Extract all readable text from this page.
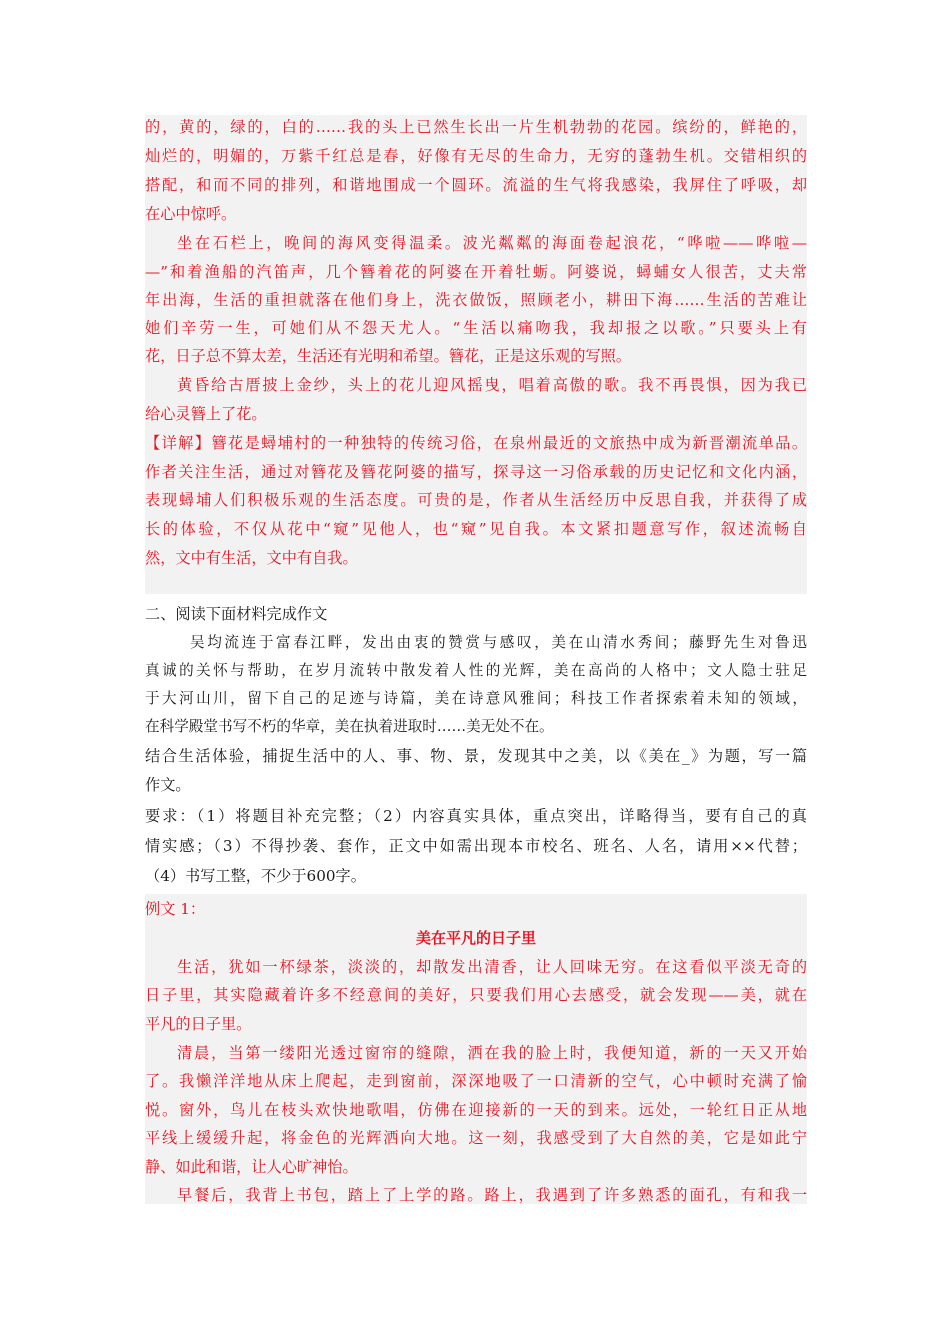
的，黄的，绿的，白的……我的头上已然生长出一片生机勃勃的花园。缤纷的，鲜艳的，
灿烂的，明媚的，万紫千红总是春，好像有无尽的生命力，无穷的蓬勃生机。交错相织的
搭配，和而不同的排列，和谐地围成一个圆环。流溢的生气将我感染，我屏住了呼吸，却
在心中惊呼。
坐在石栏上，晚间的海风变得温柔。波光粼粼的海面卷起浪花，“哗啦——哗啦—
—”和着渔船的汽笛声，几个簪着花的阿婆在开着牡蛎。阿婆说，蟳蜅女人很苦，丈夫常
年出海，生活的重担就落在他们身上，洗衣做饭，照顾老小，耕田下海……生活的苦难让
她们辛劳一生，可她们从不怨天尤人。“生活以痛吻我，我却报之以歌。”只要头上有
花，日子总不算太差，生活还有光明和希望。簪花，正是这乐观的写照。
黄昏给古厝披上金纱，头上的花儿迎风摇曳，唱着高傲的歌。我不再畏惧，因为我已
给心灵簪上了花。
【详解】簪花是蟳埔村的一种独特的传统习俗，在泉州最近的文旅热中成为新晋潮流单品。
作者关注生活，通过对簪花及簪花阿婆的描写，探寻这一习俗承载的历史记忆和文化内涵，
表现蟳埔人们积极乐观的生活态度。可贵的是，作者从生活经历中反思自我，并获得了成
长的体验，不仅从花中“窥”见他人，也“窥”见自我。本文紧扣题意写作，叙述流畅自
然，文中有生活，文中有自我。
二、阅读下面材料完成作文
吴均流连于富春江畔，发出由衷的赞赏与感叹，美在山清水秀间；藤野先生对鲁迅
真诚的关怀与帮助，在岁月流转中散发着人性的光辉，美在高尚的人格中；文人隐士驻足
于大河山川，留下自己的足迹与诗篇，美在诗意风雅间；科技工作者探索着未知的领域，
在科学殿堂书写不朽的华章，美在执着进取时……美无处不在。
结合生活体验，捕捉生活中的人、事、物、景，发现其中之美，以《美在_》为题，写一篇
作文。
要求：（1）将题目补充完整；（2）内容真实具体，重点突出，详略得当，要有自己的真
情实感；（3）不得抄袭、套作，正文中如需出现本市校名、班名、人名，请用××代替；
（4）书写工整，不少于600字。
例文 1：
美在平凡的日子里
生活，犹如一杯绿茶，淡淡的，却散发出清香，让人回味无穷。在这看似平淡无奇的
日子里，其实隐藏着许多不经意间的美好，只要我们用心去感受，就会发现——美，就在
平凡的日子里。
清晨，当第一缕阳光透过窗帘的缝隙，洒在我的脸上时，我便知道，新的一天又开始
了。我懒洋洋地从床上爬起，走到窗前，深深地吸了一口清新的空气，心中顿时充满了愉
悦。窗外，鸟儿在枝头欢快地歌唱，仿佛在迎接新的一天的到来。远处，一轮红日正从地
平线上缓缓升起，将金色的光辉洒向大地。这一刻，我感受到了大自然的美，它是如此宁
静、如此和谐，让人心旷神怡。
早餐后，我背上书包，踏上了上学的路。路上，我遇到了许多熟悉的面孔，有和我一
